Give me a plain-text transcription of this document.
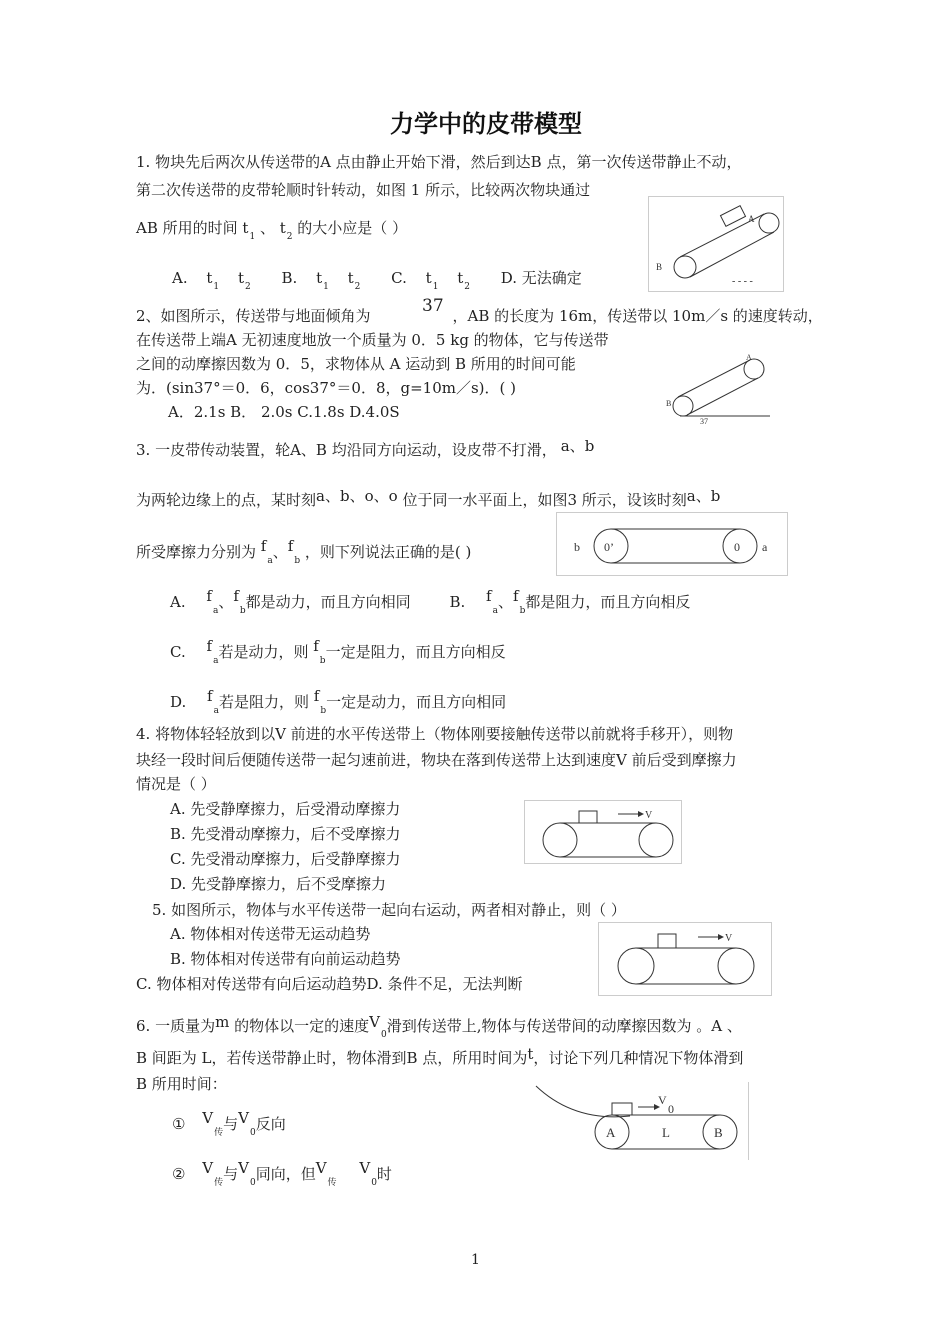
力学中的皮带模型
1. 物块先后两次从传送带的A 点由静止开始下滑，然后到达B 点，第一次传送带静止不动，
第二次传送带的皮带轮顺时针转动，如图 1 所示，比较两次物块通过
AB 所用的时间 $t_1$ 、 $t_2$ 的大小应是（ ）
A. $t_1$ $t_2$ B. $t_1$ $t_2$ C. $t_1$ $t_2$ D. 无法确定
A
B
- - - -
37
2、如图所示，传送带与地面倾角为	，AB 的长度为 16m，传送带以 10m／s 的速度转动，
在传送带上端A 无初速度地放一个质量为 0．5 kg 的物体，它与传送带
之间的动摩擦因数为 0．5，求物体从 A 运动到 B 所用的时间可能
为．(sin37°＝0．6，cos37°＝0．8，g=10m／s)．( )
A．2.1s B． 2.0s C.1.8s D.4.0S
A
B
37
3. 一皮带传动装置，轮A、B 均沿同方向运动，设皮带不打滑， a、b
为两轮边缘上的点，某时刻a、b、o、o 位于同一水平面上，如图3 所示，设该时刻a、b
所受摩擦力分别为 $f_a$、$f_b$ ，则下列说法正确的是( )	b 0’	0 a
A. $f_a$、$f_b$都是动力，而且方向相同	B. $f_a$、$f_b$都是阻力，而且方向相反
C. $f_a$若是动力，则 $f_b$一定是阻力，而且方向相反
D. $f_a$若是阻力，则 $f_b$一定是动力，而且方向相同
4. 将物体轻轻放到以V 前进的水平传送带上（物体刚要接触传送带以前就将手移开），则物
块经一段时间后便随传送带一起匀速前进，物块在落到传送带上达到速度V 前后受到摩擦力
情况是（ ）
A. 先受静摩擦力，后受滑动摩擦力
B. 先受滑动摩擦力，后不受摩擦力
C. 先受滑动摩擦力，后受静摩擦力
D. 先受静摩擦力，后不受摩擦力
V
5. 如图所示，物体与水平传送带一起向右运动，两者相对静止，则（ ）
A. 物体相对传送带无运动趋势
B. 物体相对传送带有向前运动趋势
C. 物体相对传送带有向后运动趋势D. 条件不足，无法判断
V
6. 一质量为m 的物体以一定的速度$V_0$滑到传送带上,物体与传送带间的动摩擦因数为 。A 、
B 间距为 L，若传送带静止时，物体滑到B 点，所用时间为t，讨论下列几种情况下物体滑到
B 所用时间：
① $V_传$与$V_0$反向
② $V_传$与$V_0$同向，但$V_传$ $V_0$时
V
0
A	L	B
1
